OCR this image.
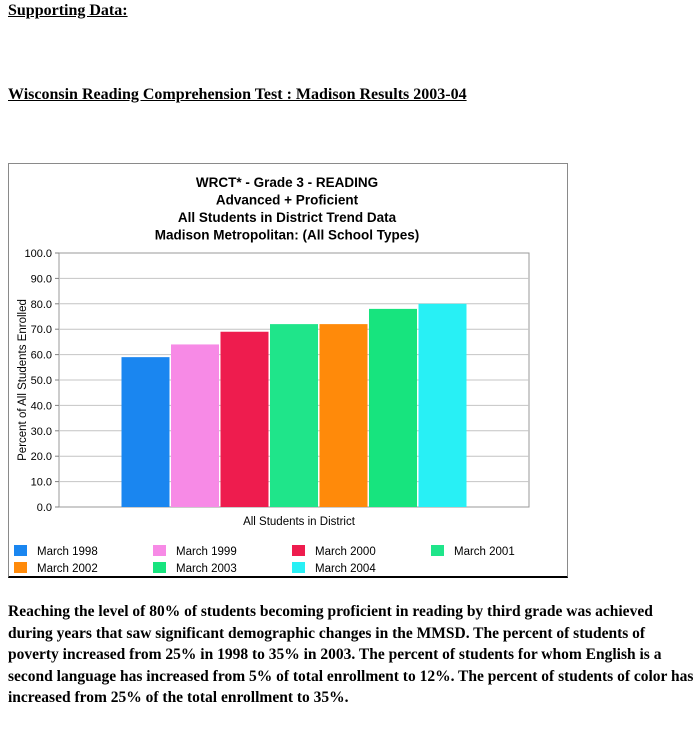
Supporting Data:
Wisconsin Reading Comprehension Test : Madison Results 2003-04
WRCT* - Grade 3 - READING
Advanced + Proficient
All Students in District Trend Data
Madison Metropolitan: (All School Types)
0.0
10.0
20.0
30.0
40.0
50.0
60.0
70.0
80.0
90.0
100.0
All Students in District
Percent of All Students Enrolled
March 1998	March 1999	March 2000	March 2001
March 2002	March 2003	March 2004
Reaching the level of 80% of students becoming proficient in reading by third grade was achieved during years that saw significant demographic changes in the MMSD. The percent of students of poverty increased from 25% in 1998 to 35% in 2003. The percent of students for whom English is a second language has increased from 5% of total enrollment to 12%. The percent of students of color has increased from 25% of the total enrollment to 35%.
